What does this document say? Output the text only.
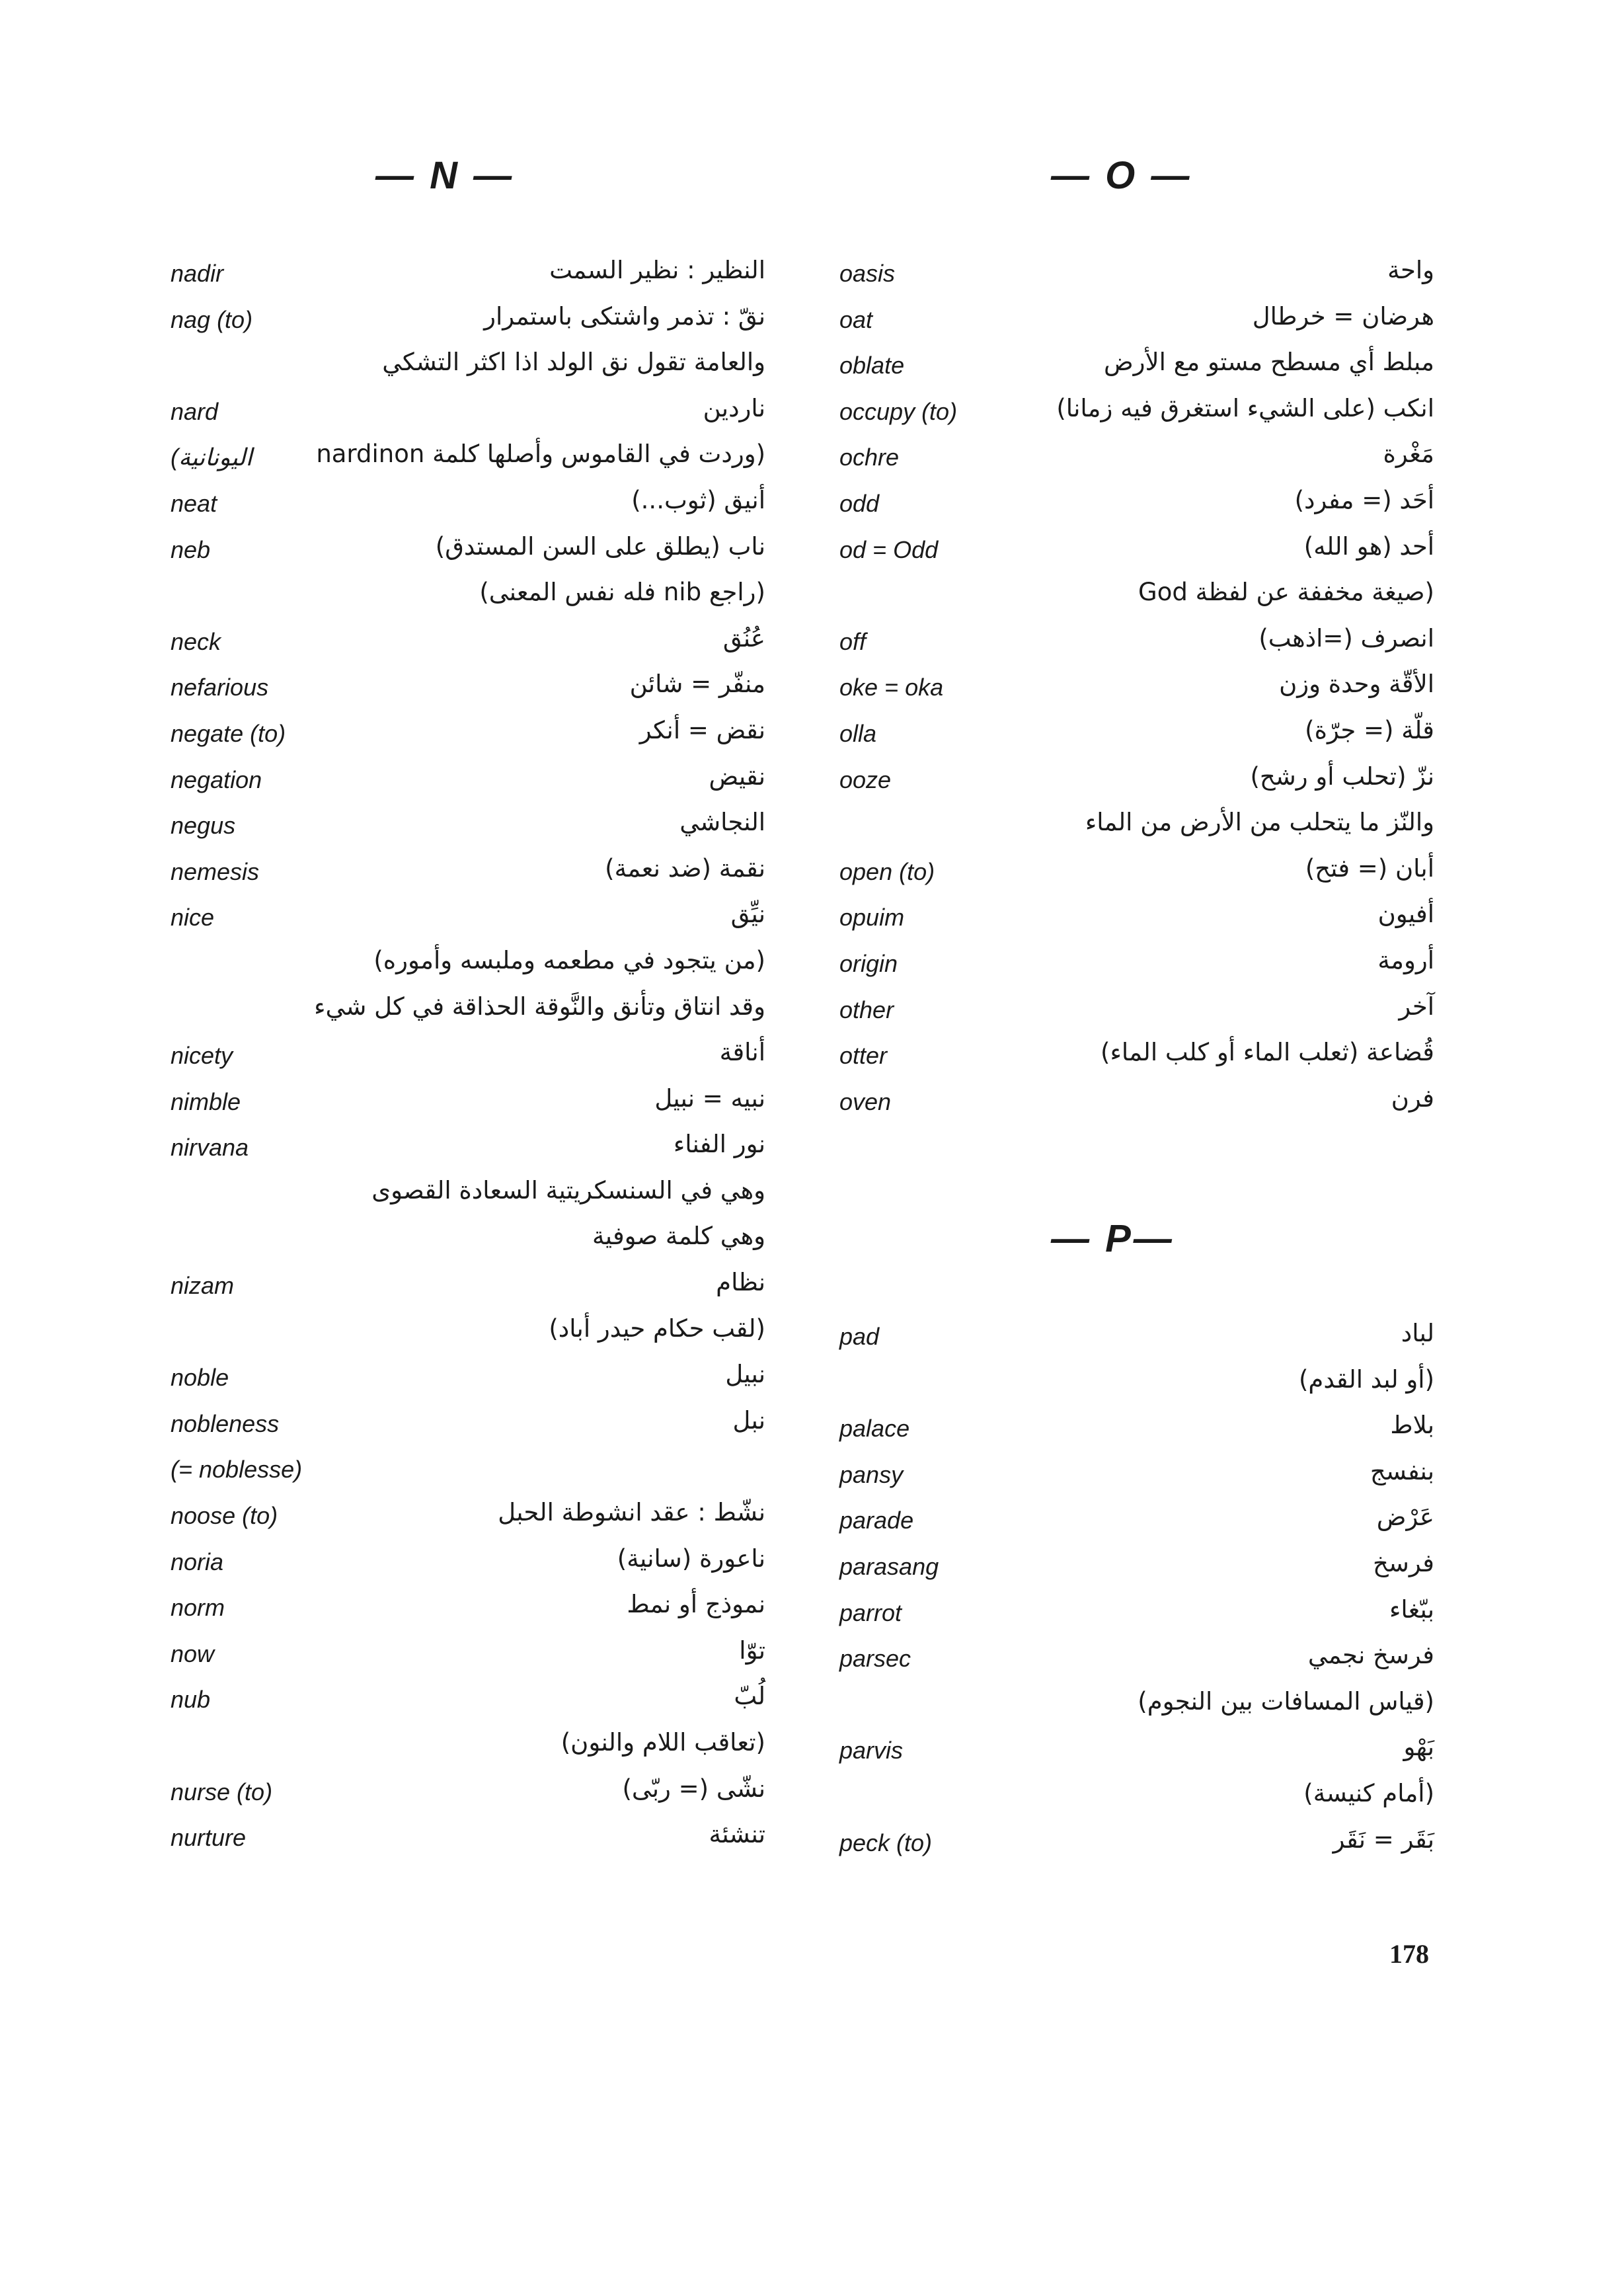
— N —
nadir	النظير : نظير السمت
nag (to)	نقّ : تذمر واشتكى باستمرار
والعامة تقول نق الولد اذا اكثر التشكي
nard	ناردين
(اليونانية	(وردت في القاموس وأصلها كلمة nardinon
neat	أنيق (ثوب...)
neb	ناب (يطلق على السن المستدق)
(راجع nib فله نفس المعنى)
neck	عُنُق
nefarious	منفّر = شائن
negate (to)	نقض = أنكر
negation	نقيض
negus	النجاشي
nemesis	نقمة (ضد نعمة)
nice	نيِّق
(من يتجود في مطعمه وملبسه وأموره)
وقد انتاق وتأنق والنَّوقة الحذاقة في كل شيء
nicety	أناقة
nimble	نبيه = نبيل
nirvana	نور الفناء
وهي في السنسكريتية السعادة القصوى
وهي كلمة صوفية
nizam	نظام
(لقب حكام حيدر أباد)
noble	نبيل
nobleness	نبل
(= noblesse)
noose (to)	نشّط : عقد انشوطة الحبل
noria	ناعورة (سانية)
norm	نموذج أو نمط
now	توّا
nub	لُبّ
(تعاقب اللام والنون)
nurse (to)	نشّى (= ربّى)
nurture	تنشئة
— O —
oasis	واحة
oat	هرضان = خرطال
oblate	مبلط أي مسطح مستو مع الأرض
occupy (to)	انكب (على الشيء استغرق فيه زمانا)
ochre	مَغْرة
odd	أحَد (= مفرد)
od = Odd	أحد (هو الله)
(صيغة مخففة عن لفظة God
off	انصرف (=اذهب)
oke = oka	الأقّة وحدة وزن
olla	قلّة (= جرّة)
ooze	نزّ (تحلب أو رشح)
والنّز ما يتحلب من الأرض من الماء
open (to)	أبان (= فتح)
opuim	أفيون
origin	أرومة
other	آخر
otter	قُضاعة (ثعلب الماء أو كلب الماء)
oven	فرن
— P—
pad	لباد
(أو لبد القدم)
palace	بلاط
pansy	بنفسج
parade	عَرْض
parasang	فرسخ
parrot	ببّغاء
parsec	فرسخ نجمي
(قياس المسافات بين النجوم)
parvis	بَهْو
(أمام كنيسة)
peck (to)	بَقَر = نَقَر
178
